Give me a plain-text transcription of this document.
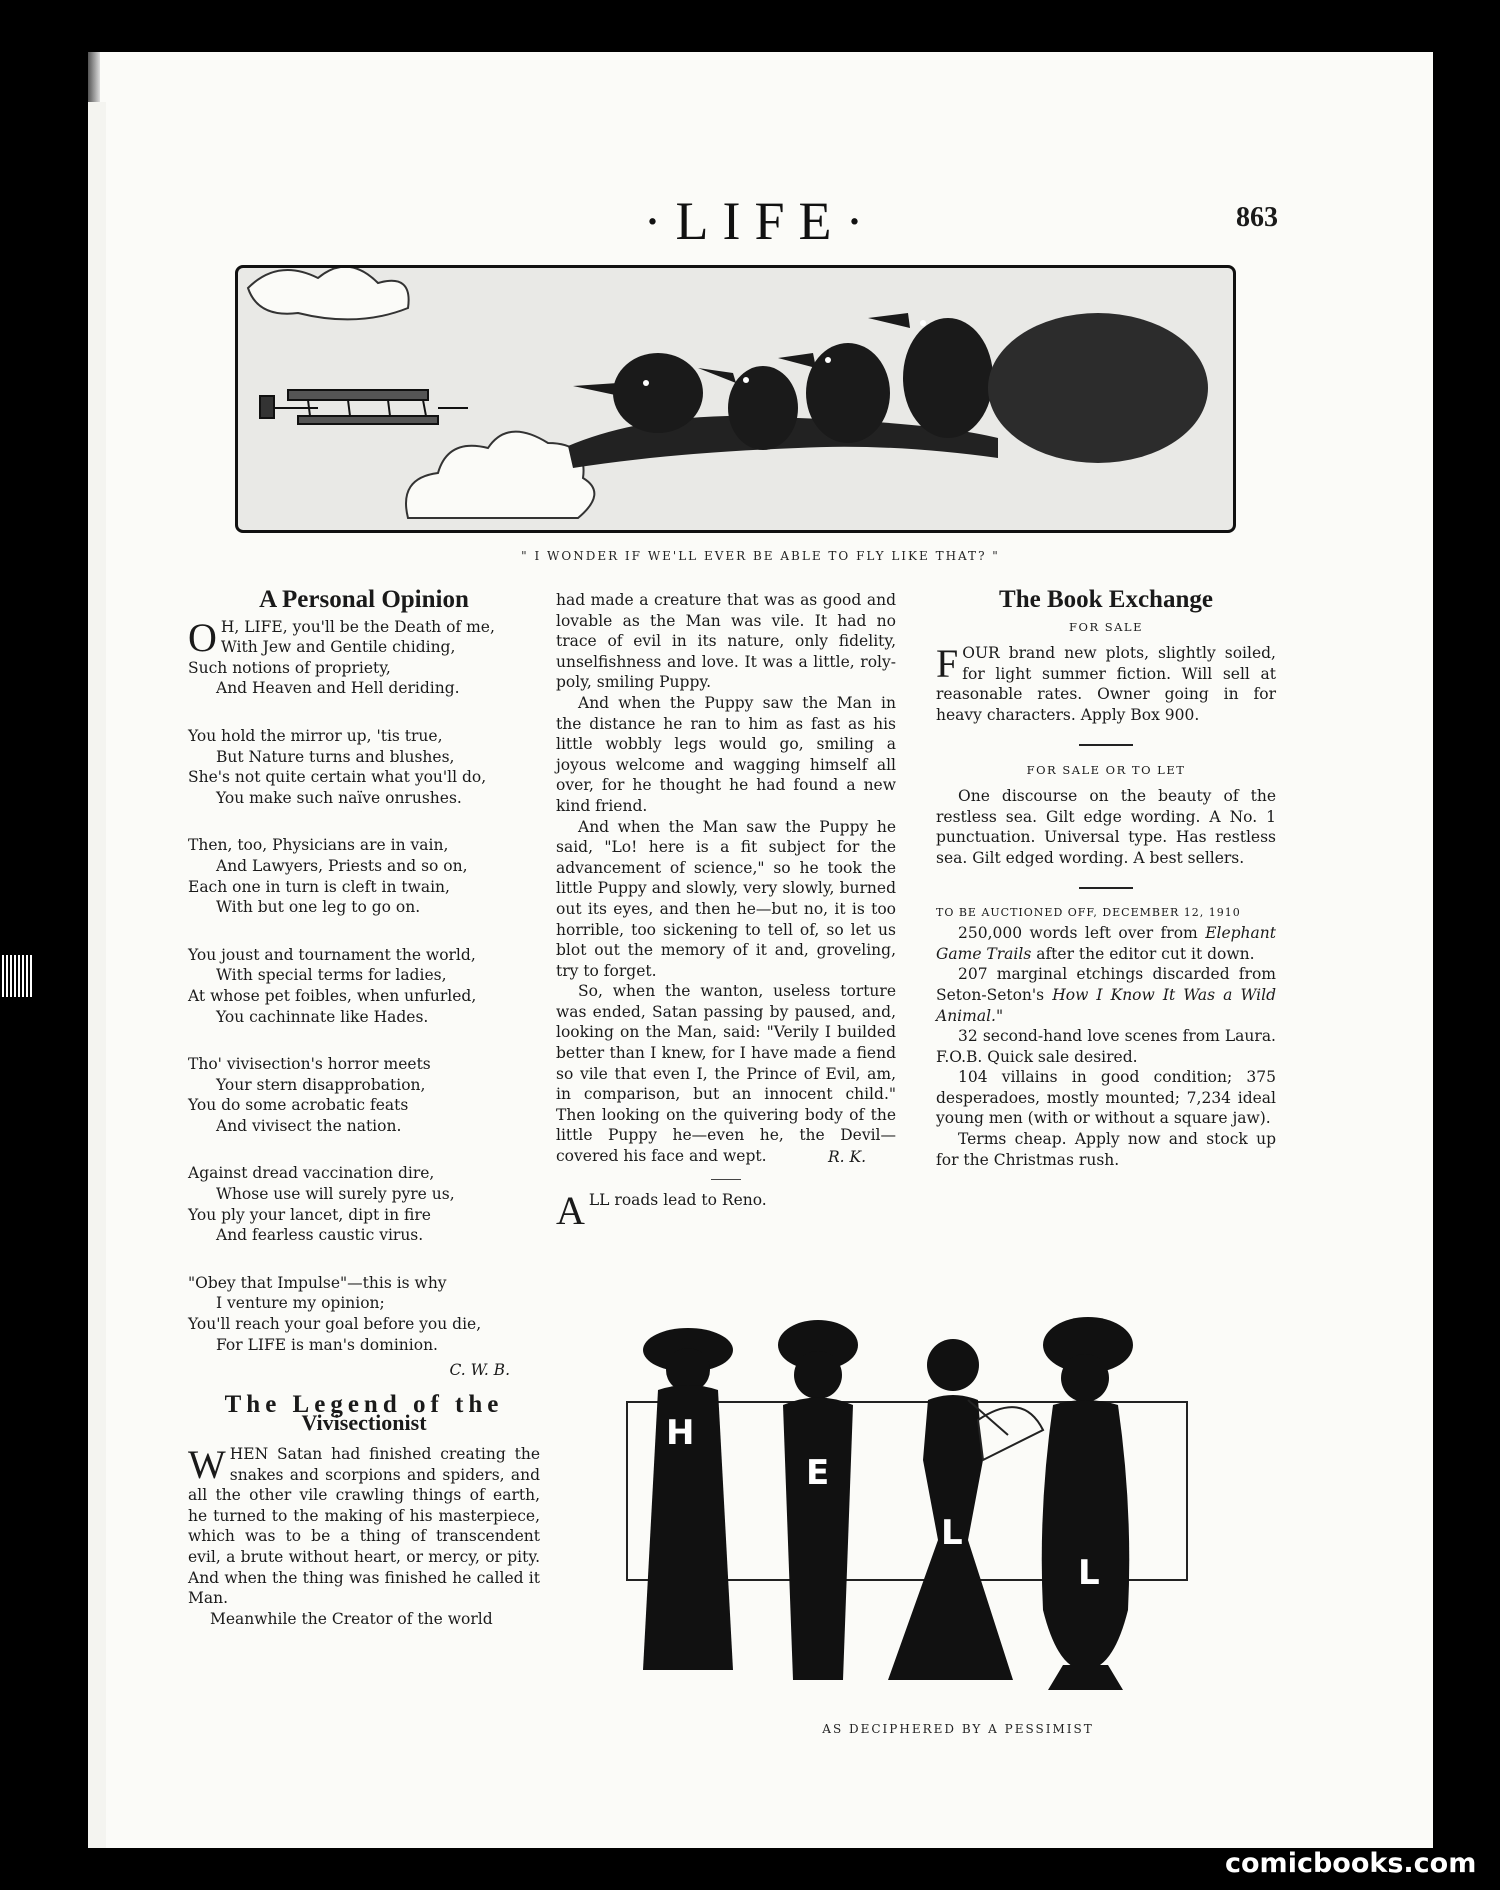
·LIFE·	863
" I WONDER IF WE'LL EVER BE ABLE TO FLY LIKE THAT? "
A Personal Opinion
O H, LIFE, you'll be the Death of me,
With Jew and Gentile chiding,
Such notions of propriety,
And Heaven and Hell deriding.
You hold the mirror up, 'tis true,
But Nature turns and blushes,
She's not quite certain what you'll do,
You make such naïve onrushes.
Then, too, Physicians are in vain,
And Lawyers, Priests and so on,
Each one in turn is cleft in twain,
With but one leg to go on.
You joust and tournament the world,
With special terms for ladies,
At whose pet foibles, when unfurled,
You cachinnate like Hades.
Tho' vivisection's horror meets
Your stern disapprobation,
You do some acrobatic feats
And vivisect the nation.
Against dread vaccination dire,
Whose use will surely pyre us,
You ply your lancet, dipt in fire
And fearless caustic virus.
"Obey that Impulse"—this is why
I venture my opinion;
You'll reach your goal before you die,
For LIFE is man's dominion.
C. W. B.
The Legend of the
Vivisectionist

WHEN Satan had finished creating the snakes and scorpions and spiders, and all the other vile crawling things of earth, he turned to the making of his masterpiece, which was to be a thing of transcendent evil, a brute without heart, or mercy, or pity. And when the thing was finished he called it Man.

Meanwhile the Creator of the world

had made a creature that was as good and lovable as the Man was vile. It had no trace of evil in its nature, only fidelity, unselfishness and love. It was a little, roly-poly, smiling Puppy.

And when the Puppy saw the Man in the distance he ran to him as fast as his little wobbly legs would go, smiling a joyous welcome and wagging himself all over, for he thought he had found a new kind friend.

And when the Man saw the Puppy he said, "Lo! here is a fit subject for the advancement of science," so he took the little Puppy and slowly, very slowly, burned out its eyes, and then he—but no, it is too horrible, too sickening to tell of, so let us blot out the memory of it and, groveling, try to forget.

So, when the wanton, useless torture was ended, Satan passing by paused, and, looking on the Man, said: "Verily I builded better than I knew, for I have made a fiend so vile that even I, the Prince of Evil, am, in comparison, but an innocent child." Then looking on the quivering body of the little Puppy he—even he, the Devil—covered his face and wept.	R. K.

ALL roads lead to Reno.

The Book Exchange
FOR SALE

FOUR brand new plots, slightly soiled, for light summer fiction. Will sell at reasonable rates. Owner going in for heavy characters. Apply Box 900.

FOR SALE OR TO LET

One discourse on the beauty of the restless sea. Gilt edge wording. A No. 1 punctuation. Universal type. Has restless sea. Gilt edged wording. A best sellers.

TO BE AUCTIONED OFF, DECEMBER 12, 1910

250,000 words left over from Elephant Game Trails after the editor cut it down.

207 marginal etchings discarded from Seton-Seton's How I Know It Was a Wild Animal."

32 second-hand love scenes from Laura. F.O.B. Quick sale desired.

104 villains in good condition; 375 desperadoes, mostly mounted; 7,234 ideal young men (with or without a square jaw).

Terms cheap. Apply now and stock up for the Christmas rush.

H
E
L
L
AS DECIPHERED BY A PESSIMIST
comicbooks.com
